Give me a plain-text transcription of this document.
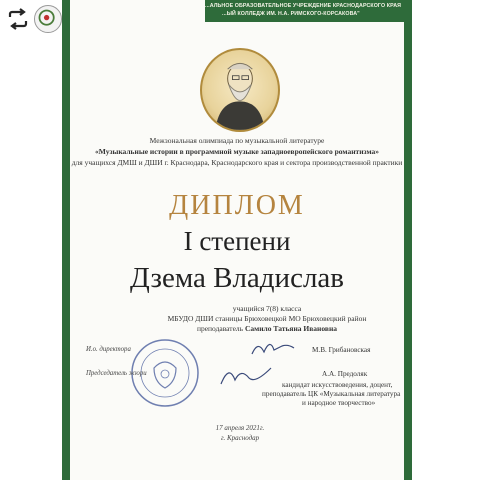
...АЛЬНОЕ ОБРАЗОВАТЕЛЬНОЕ УЧРЕЖДЕНИЕ КРАСНОДАРСКОГО КРАЯ
...ЫЙ КОЛЛЕДЖ ИМ. Н.А. РИМСКОГО-КОРСАКОВА"
Межзональная олимпиада по музыкальной литературе
«Музыкальные истории в программной музыке западноевропейского романтизма»
для учащихся ДМШ и ДШИ г. Краснодара, Краснодарского края и сектора производственной практики
ДИПЛОМ
I степени
Дзема Владислав
учащийся 7(8) класса
МБУДО ДШИ станицы Брюховецкой МО Брюховецкий район
преподаватель Самило Татьяна Ивановна
И.о. директора	М.В. Грибановская
Председатель жюри	А.А. Предоляк
кандидат искусствоведения, доцент,
преподаватель ЦК «Музыкальная литература
и народное творчество»
17 апреля 2021г.
г. Краснодар
